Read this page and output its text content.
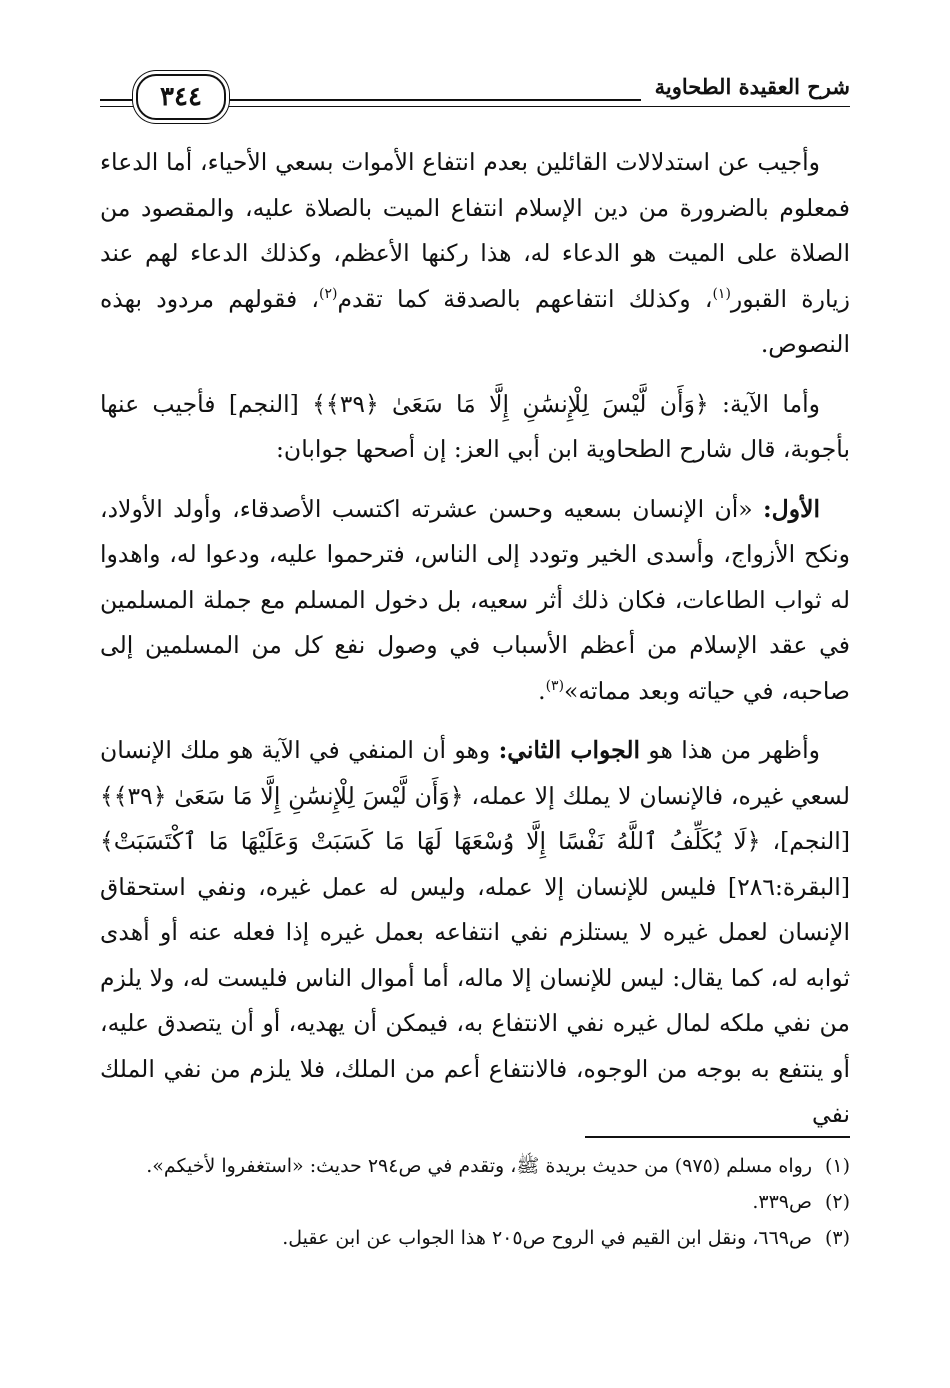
شرح العقيدة الطحاوية
٣٤٤

وأجيب عن استدلالات القائلين بعدم انتفاع الأموات بسعي الأحياء، أما الدعاء فمعلوم بالضرورة من دين الإسلام انتفاع الميت بالصلاة عليه، والمقصود من الصلاة على الميت هو الدعاء له، هذا ركنها الأعظم، وكذلك الدعاء لهم عند زيارة القبور$^{(١)}$، وكذلك انتفاعهم بالصدقة كما تقدم$^{(٢)}$، فقولهم مردود بهذه النصوص.

وأما الآية: ﴿وَأَن لَّيْسَ لِلْإِنسَٰنِ إِلَّا مَا سَعَىٰ ﴿٣٩﴾﴾ [النجم] فأجيب عنها بأجوبة، قال شارح الطحاوية ابن أبي العز: إن أصحها جوابان:

الأول: «أن الإنسان بسعيه وحسن عشرته اكتسب الأصدقاء، وأولد الأولاد، ونكح الأزواج، وأسدى الخير وتودد إلى الناس، فترحموا عليه، ودعوا له، واهدوا له ثواب الطاعات، فكان ذلك أثر سعيه، بل دخول المسلم مع جملة المسلمين في عقد الإسلام من أعظم الأسباب في وصول نفع كل من المسلمين إلى صاحبه، في حياته وبعد مماته»$^{(٣)}$.

وأظهر من هذا هو الجواب الثاني: وهو أن المنفي في الآية هو ملك الإنسان لسعي غيره، فالإنسان لا يملك إلا عمله، ﴿وَأَن لَّيْسَ لِلْإِنسَٰنِ إِلَّا مَا سَعَىٰ ﴿٣٩﴾﴾ [النجم]، ﴿لَا يُكَلِّفُ ٱللَّهُ نَفْسًا إِلَّا وُسْعَهَا لَهَا مَا كَسَبَتْ وَعَلَيْهَا مَا ٱكْتَسَبَتْ﴾ [البقرة:٢٨٦] فليس للإنسان إلا عمله، وليس له عمل غيره، ونفي استحقاق الإنسان لعمل غيره لا يستلزم نفي انتفاعه بعمل غيره إذا فعله عنه أو أهدى ثوابه له، كما يقال: ليس للإنسان إلا ماله، أما أموال الناس فليست له، ولا يلزم من نفي ملكه لمال غيره نفي الانتفاع به، فيمكن أن يهديه، أو أن يتصدق عليه، أو ينتفع به بوجه من الوجوه، فالانتفاع أعم من الملك، فلا يلزم من نفي الملك نفي

(١)
رواه مسلم (٩٧٥) من حديث بريدة ﷺ، وتقدم في ص٢٩٤ حديث: «استغفروا لأخيكم».
(٢)
ص٣٣٩.
(٣)
ص٦٦٩، ونقل ابن القيم في الروح ص٢٠٥ هذا الجواب عن ابن عقيل.
